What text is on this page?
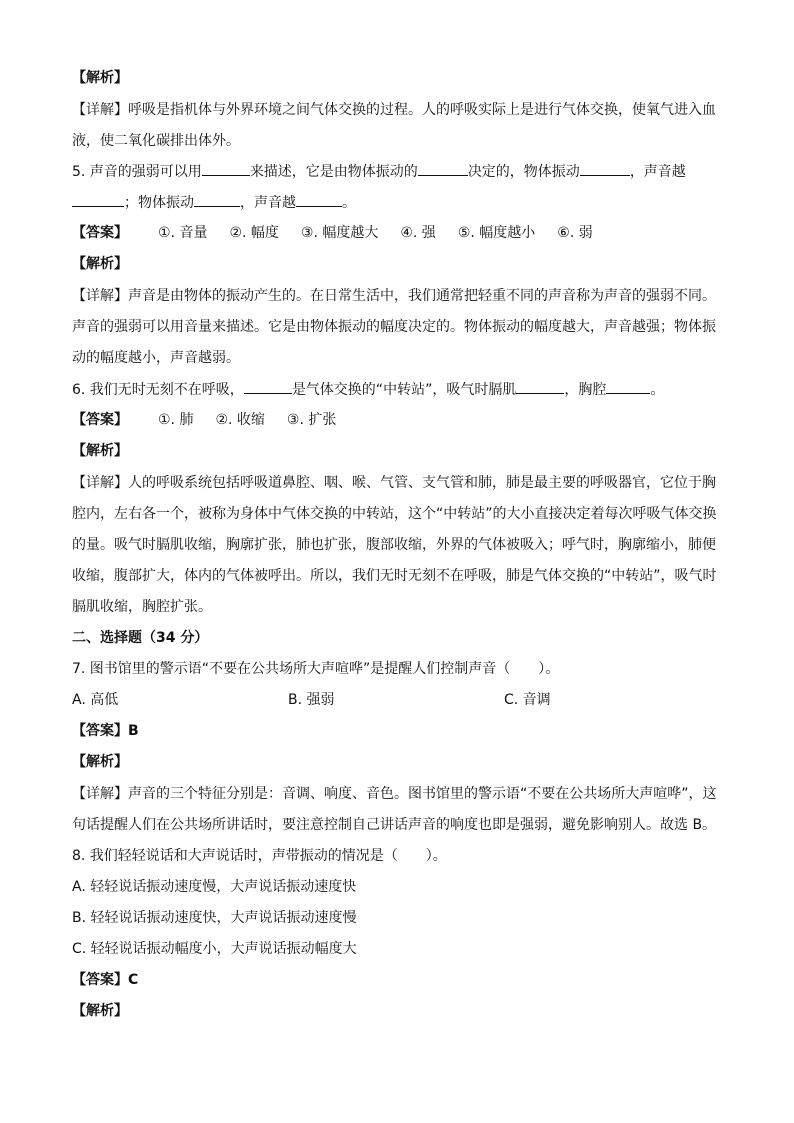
【解析】
【详解】呼吸是指机体与外界环境之间气体交换的过程。人的呼吸实际上是进行气体交换，使氧气进入血
液，使二氧化碳排出体外。
5. 声音的强弱可以用	来描述，它是由物体振动的	决定的，物体振动	，声音越
；物体振动	，声音越	。
【答案】 ①. 音量 ②. 幅度 ③. 幅度越大 ④. 强 ⑤. 幅度越小 ⑥. 弱
【解析】
【详解】声音是由物体的振动产生的。在日常生活中，我们通常把轻重不同的声音称为声音的强弱不同。
声音的强弱可以用音量来描述。它是由物体振动的幅度决定的。物体振动的幅度越大，声音越强；物体振
动的幅度越小，声音越弱。
6. 我们无时无刻不在呼吸，	是气体交换的“中转站”，吸气时膈肌	，胸腔	。
【答案】 ①. 肺 ②. 收缩 ③. 扩张
【解析】
【详解】人的呼吸系统包括呼吸道鼻腔、咽、喉、气管、支气管和肺，肺是最主要的呼吸器官，它位于胸
腔内，左右各一个，被称为身体中气体交换的中转站，这个“中转站”的大小直接决定着每次呼吸气体交换
的量。吸气时膈肌收缩，胸廓扩张，肺也扩张，腹部收缩，外界的气体被吸入；呼气时，胸廓缩小，肺便
收缩，腹部扩大，体内的气体被呼出。所以，我们无时无刻不在呼吸，肺是气体交换的“中转站”，吸气时
膈肌收缩，胸腔扩张。
二、选择题（34 分）
7. 图书馆里的警示语“不要在公共场所大声喧哗”是提醒人们控制声音（　　）。
A. 高低	B. 强弱	C. 音调
【答案】B
【解析】
【详解】声音的三个特征分别是：音调、响度、音色。图书馆里的警示语“不要在公共场所大声喧哗”，这
句话提醒人们在公共场所讲话时，要注意控制自己讲话声音的响度也即是强弱，避免影响别人。故选 B。
8. 我们轻轻说话和大声说话时，声带振动的情况是（　　）。
A. 轻轻说话振动速度慢，大声说话振动速度快
B. 轻轻说话振动速度快，大声说话振动速度慢
C. 轻轻说话振动幅度小，大声说话振动幅度大
【答案】C
【解析】
